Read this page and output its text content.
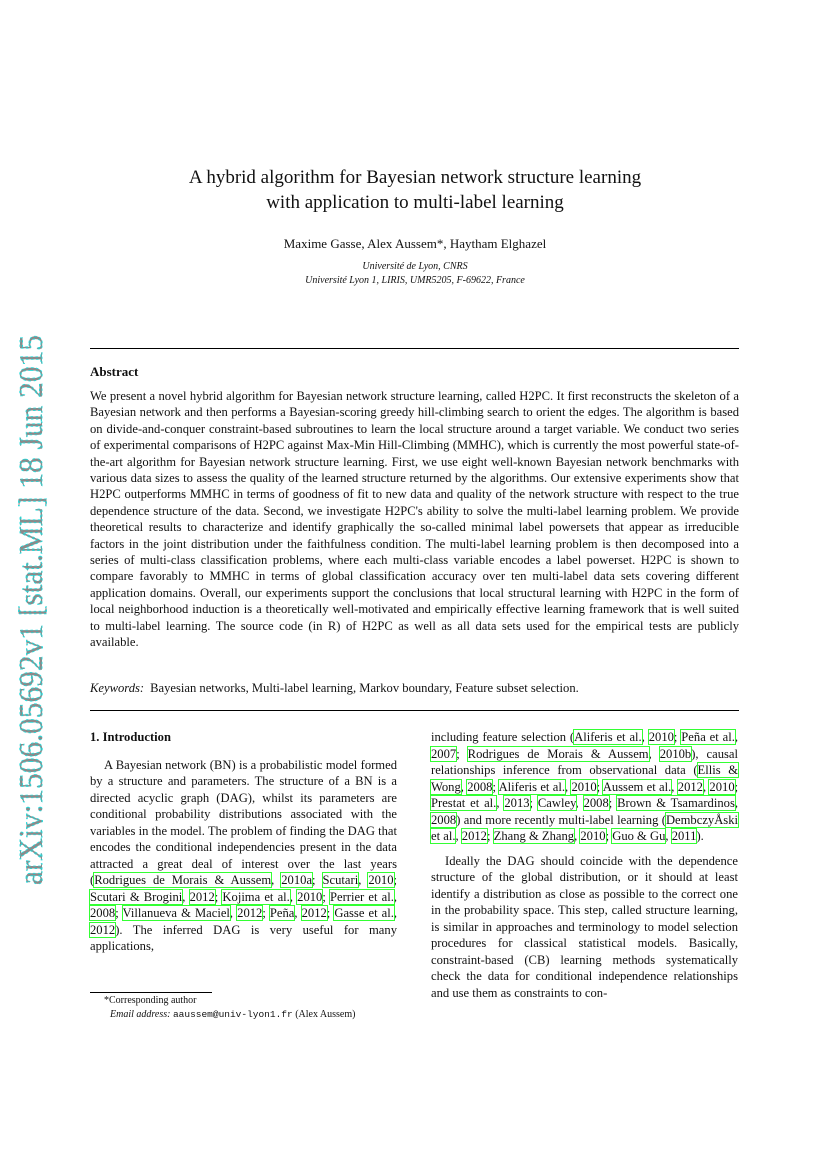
arXiv:1506.05692v1 [stat.ML] 18 Jun 2015
A hybrid algorithm for Bayesian network structure learning
with application to multi-label learning
Maxime Gasse, Alex Aussem*, Haytham Elghazel
Université de Lyon, CNRS
Université Lyon 1, LIRIS, UMR5205, F-69622, France
Abstract
We present a novel hybrid algorithm for Bayesian network structure learning, called H2PC. It first reconstructs the skeleton of a Bayesian network and then performs a Bayesian-scoring greedy hill-climbing search to orient the edges. The algorithm is based on divide-and-conquer constraint-based subroutines to learn the local structure around a target variable. We conduct two series of experimental comparisons of H2PC against Max-Min Hill-Climbing (MMHC), which is currently the most powerful state-of-the-art algorithm for Bayesian network structure learning. First, we use eight well-known Bayesian network benchmarks with various data sizes to assess the quality of the learned structure returned by the algorithms. Our extensive experiments show that H2PC outperforms MMHC in terms of goodness of fit to new data and quality of the network structure with respect to the true dependence structure of the data. Second, we investigate H2PC's ability to solve the multi-label learning problem. We provide theoretical results to characterize and identify graphically the so-called minimal label powersets that appear as irreducible factors in the joint distribution under the faithfulness condition. The multi-label learning problem is then decomposed into a series of multi-class classification problems, where each multi-class variable encodes a label powerset. H2PC is shown to compare favorably to MMHC in terms of global classification accuracy over ten multi-label data sets covering different application domains. Overall, our experiments support the conclusions that local structural learning with H2PC in the form of local neighborhood induction is a theoretically well-motivated and empirically effective learning framework that is well suited to multi-label learning. The source code (in R) of H2PC as well as all data sets used for the empirical tests are publicly available.
Keywords: Bayesian networks, Multi-label learning, Markov boundary, Feature subset selection.

1. Introduction

A Bayesian network (BN) is a probabilistic model formed by a structure and parameters. The structure of a BN is a directed acyclic graph (DAG), whilst its parameters are conditional probability distributions associated with the variables in the model. The problem of finding the DAG that encodes the conditional independencies present in the data attracted a great deal of interest over the last years (Rodrigues de Morais & Aussem, 2010a; Scutari, 2010; Scutari & Brogini, 2012; Kojima et al., 2010; Perrier et al., 2008; Villanueva & Maciel, 2012; Peña, 2012; Gasse et al., 2012). The inferred DAG is very useful for many applications,

including feature selection (Aliferis et al., 2010; Peña et al., 2007; Rodrigues de Morais & Aussem, 2010b), causal relationships inference from observational data (Ellis & Wong, 2008; Aliferis et al., 2010; Aussem et al., 2012, 2010; Prestat et al., 2013; Cawley, 2008; Brown & Tsamardinos, 2008) and more recently multi-label learning (DembczyÅski et al., 2012; Zhang & Zhang, 2010; Guo & Gu, 2011).

Ideally the DAG should coincide with the dependence structure of the global distribution, or it should at least identify a distribution as close as possible to the correct one in the probability space. This step, called structure learning, is similar in approaches and terminology to model selection procedures for classical statistical models. Basically, constraint-based (CB) learning methods systematically check the data for conditional independence relationships and use them as constraints to con-

*Corresponding author
Email address: aaussem@univ-lyon1.fr (Alex Aussem)
